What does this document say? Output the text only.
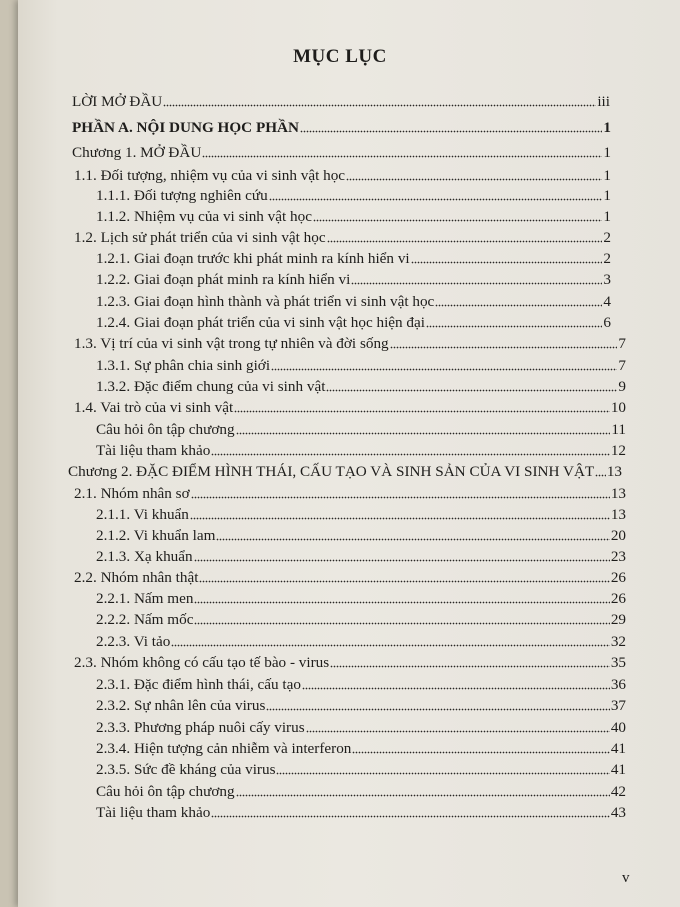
MỤC LỤC
LỜI MỞ ĐẦU	iii
PHẦN A. NỘI DUNG HỌC PHẦN	1
Chương 1. MỞ ĐẦU	1
1.1. Đối tượng, nhiệm vụ của vi sinh vật học	1
1.1.1. Đối tượng nghiên cứu	1
1.1.2. Nhiệm vụ của vi sinh vật học	1
1.2. Lịch sử phát triển của vi sinh vật học	2
1.2.1. Giai đoạn trước khi phát minh ra kính hiển vi	2
1.2.2. Giai đoạn phát minh ra kính hiển vi	3
1.2.3. Giai đoạn hình thành và phát triển vi sinh vật học	4
1.2.4. Giai đoạn phát triển của vi sinh vật học hiện đại	6
1.3. Vị trí của vi sinh vật trong tự nhiên và đời sống	7
1.3.1. Sự phân chia sinh giới	7
1.3.2. Đặc điểm chung của vi sinh vật	9
1.4. Vai trò của vi sinh vật	10
Câu hỏi ôn tập chương	11
Tài liệu tham khảo	12
Chương 2. ĐẶC ĐIỂM HÌNH THÁI, CẤU TẠO VÀ SINH SẢN CỦA VI SINH VẬT 13
2.1. Nhóm nhân sơ	13
2.1.1. Vi khuẩn	13
2.1.2. Vi khuẩn lam	20
2.1.3. Xạ khuẩn	23
2.2. Nhóm nhân thật	26
2.2.1. Nấm men	26
2.2.2. Nấm mốc	29
2.2.3. Vi tảo	32
2.3. Nhóm không có cấu tạo tế bào - virus	35
2.3.1. Đặc điểm hình thái, cấu tạo	36
2.3.2. Sự nhân lên của virus	37
2.3.3. Phương pháp nuôi cấy virus	40
2.3.4. Hiện tượng cản nhiễm và interferon	41
2.3.5. Sức đề kháng của virus	41
Câu hỏi ôn tập chương	42
Tài liệu tham khảo	43
v
